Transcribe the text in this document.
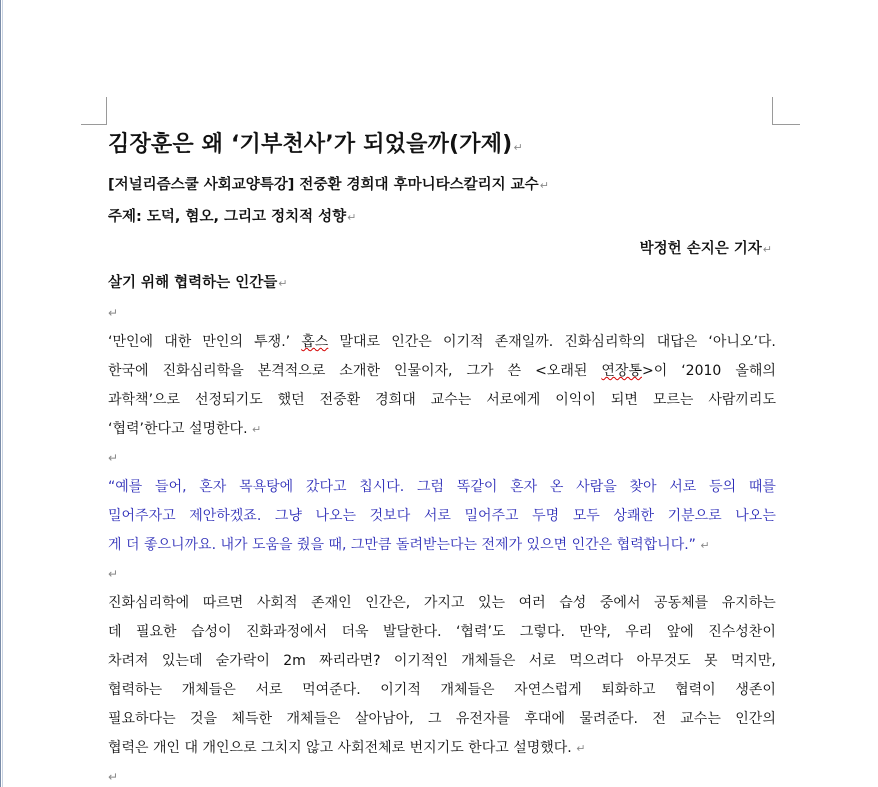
김장훈은 왜 ‘기부천사’가 되었을까(가제)↵
[저널리즘스쿨 사회교양특강] 전중환 경희대 후마니타스칼리지 교수↵
주제: 도덕, 혐오, 그리고 정치적 성향↵
박정헌 손지은 기자↵
살기 위해 협력하는 인간들↵
↵
‘만인에 대한 만인의 투쟁.’ 홉스 말대로 인간은 이기적 존재일까. 진화심리학의 대답은 ‘아니오’다.
한국에 진화심리학을 본격적으로 소개한 인물이자, 그가 쓴 <오래된 연장통>이 ‘2010 올해의
과학책’으로 선정되기도 했던 전중환 경희대 교수는 서로에게 이익이 되면 모르는 사람끼리도
‘협력’한다고 설명한다. ↵
↵
“예를 들어, 혼자 목욕탕에 갔다고 칩시다. 그럼 똑같이 혼자 온 사람을 찾아 서로 등의 때를
밀어주자고 제안하겠죠. 그냥 나오는 것보다 서로 밀어주고 두명 모두 상쾌한 기분으로 나오는
게 더 좋으니까요. 내가 도움을 줬을 때, 그만큼 돌려받는다는 전제가 있으면 인간은 협력합니다.” ↵
↵
진화심리학에 따르면 사회적 존재인 인간은, 가지고 있는 여러 습성 중에서 공동체를 유지하는
데 필요한 습성이 진화과정에서 더욱 발달한다. ‘협력’도 그렇다. 만약, 우리 앞에 진수성찬이
차려져 있는데 숟가락이 2m 짜리라면? 이기적인 개체들은 서로 먹으려다 아무것도 못 먹지만,
협력하는 개체들은 서로 먹여준다. 이기적 개체들은 자연스럽게 퇴화하고 협력이 생존이
필요하다는 것을 체득한 개체들은 살아남아, 그 유전자를 후대에 물려준다. 전 교수는 인간의
협력은 개인 대 개인으로 그치지 않고 사회전체로 번지기도 한다고 설명했다. ↵
↵
